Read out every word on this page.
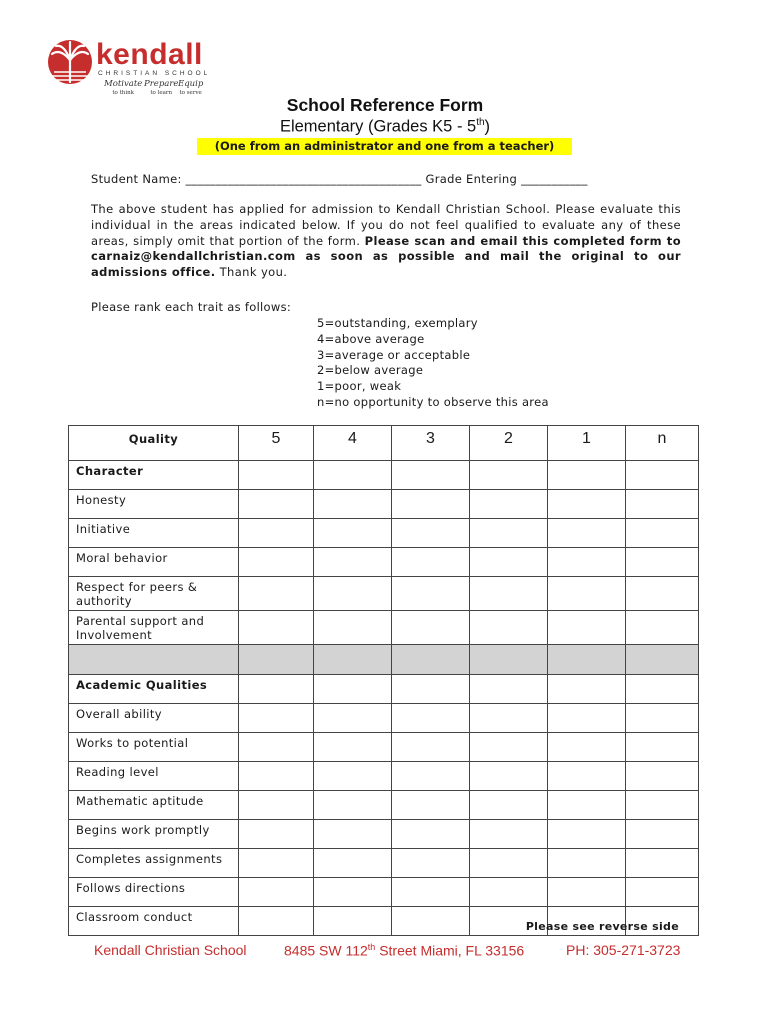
kendall
CHRISTIAN SCHOOL
Motivate
to think
Prepare
to learn
Equip
to serve
School Reference Form
Elementary (Grades K5 - 5th)
(One from an administrator and one from a teacher)
Student Name: _______________________________________ Grade Entering ___________
The above student has applied for admission to Kendall Christian School. Please evaluate this individual in the areas indicated below. If you do not feel qualified to evaluate any of these areas, simply omit that portion of the form. Please scan and email this completed form to carnaiz@kendallchristian.com as soon as possible and mail the original to our admissions office. Thank you.
Please rank each trait as follows:
5=outstanding, exemplary
4=above average
3=average or acceptable
2=below average
1=poor, weak
n=no opportunity to observe this area
Quality	5	4	3	2	1	n
Character						
Honesty						
Initiative						
Moral behavior						
Respect for peers & authority						
Parental support and Involvement						

Academic Qualities						
Overall ability						
Works to potential						
Reading level						
Mathematic aptitude						
Begins work promptly						
Completes assignments						
Follows directions						
Classroom conduct						
Please see reverse side
Kendall Christian School	8485 SW 112th Street Miami, FL 33156	PH: 305-271-3723
